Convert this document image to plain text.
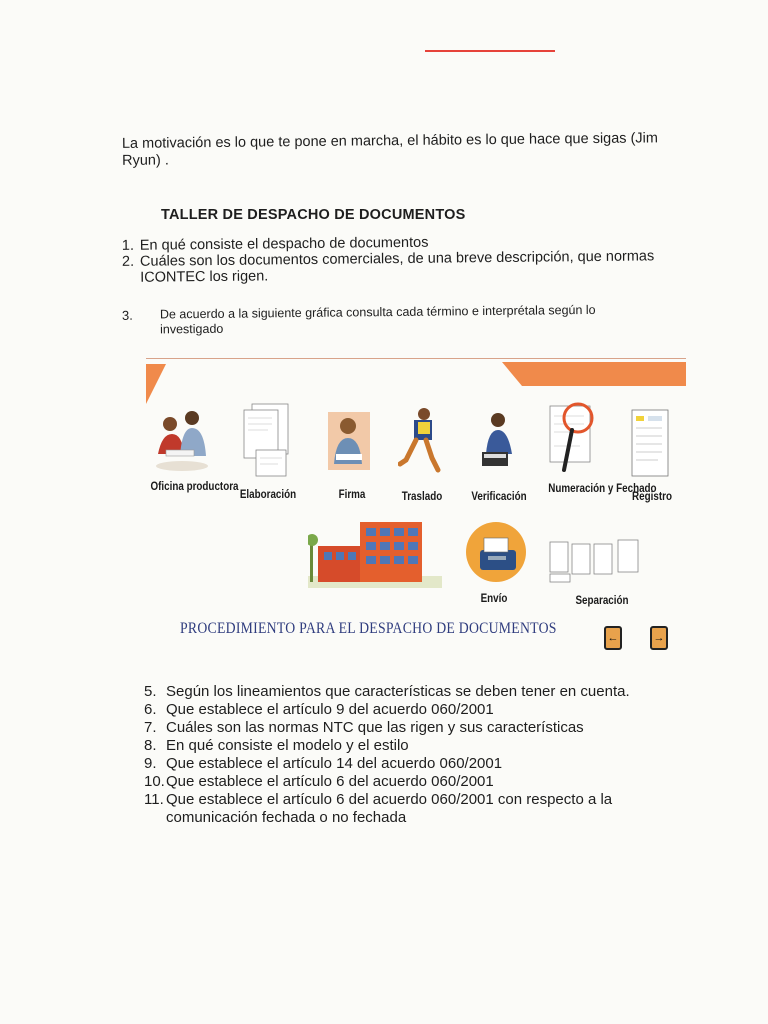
La motivación es lo que te pone en marcha, el hábito es lo que hace que sigas (Jim Ryun) .
TALLER DE DESPACHO DE DOCUMENTOS
1. En qué consiste el despacho de documentos
2. Cuáles son los documentos comerciales, de una breve descripción, que normas ICONTEC los rigen.
3.	De acuerdo a la siguiente gráfica consulta cada término e interprétala según lo investigado
Oficina productora
Elaboración	Firma	Traslado	Verificación
Numeración y Fechado
Registro
Envío	Separación
PROCEDIMIENTO PARA EL DESPACHO DE DOCUMENTOS
←	→
5. Según los lineamientos que características se deben tener en cuenta.
6. Que establece el artículo 9 del acuerdo 060/2001
7. Cuáles son las normas NTC que las rigen y sus características
8. En qué consiste el modelo y el estilo
9. Que establece el artículo 14 del acuerdo 060/2001
10. Que establece el artículo 6 del acuerdo 060/2001
11. Que establece el artículo 6 del acuerdo 060/2001 con respecto a la comunicación fechada o no fechada
